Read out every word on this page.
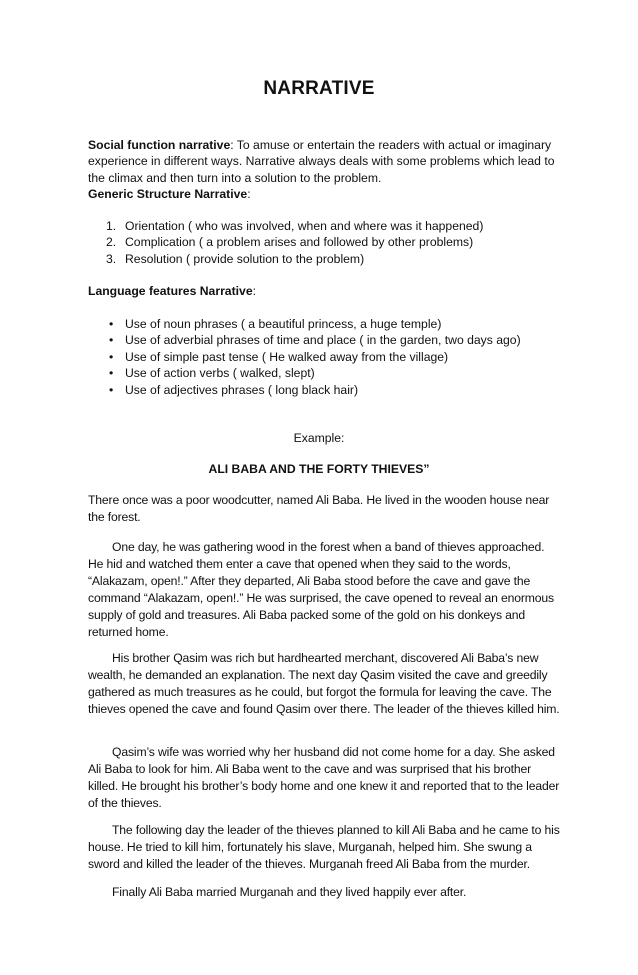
NARRATIVE
Social function narrative: To amuse or entertain the readers with actual or imaginary experience in different ways. Narrative always deals with some problems which lead to the climax and then turn into a solution to the problem.
Generic Structure Narrative:
1. Orientation ( who was involved, when and where was it happened)
2. Complication ( a problem arises and followed by other problems)
3. Resolution ( provide solution to the problem)
Language features Narrative:
• Use of noun phrases ( a beautiful princess, a huge temple)
• Use of adverbial phrases of time and place ( in the garden, two days ago)
• Use of simple past tense ( He walked away from the village)
• Use of action verbs ( walked, slept)
• Use of adjectives phrases ( long black hair)
Example:
ALI BABA AND THE FORTY THIEVES”
There once was a poor woodcutter, named Ali Baba. He lived in the wooden house near the forest.
One day, he was gathering wood in the forest when a band of thieves approached. He hid and watched them enter a cave that opened when they said to the words, “Alakazam, open!.” After they departed, Ali Baba stood before the cave and gave the command “Alakazam, open!.” He was surprised, the cave opened to reveal an enormous supply of gold and treasures. Ali Baba packed some of the gold on his donkeys and returned home.
His brother Qasim was rich but hardhearted merchant, discovered Ali Baba’s new wealth, he demanded an explanation. The next day Qasim visited the cave and greedily gathered as much treasures as he could, but forgot the formula for leaving the cave. The thieves opened the cave and found Qasim over there. The leader of the thieves killed him.
Qasim’s wife was worried why her husband did not come home for a day. She asked Ali Baba to look for him. Ali Baba went to the cave and was surprised that his brother killed. He brought his brother’s body home and one knew it and reported that to the leader of the thieves.
The following day the leader of the thieves planned to kill Ali Baba and he came to his house. He tried to kill him, fortunately his slave, Murganah, helped him. She swung a sword and killed the leader of the thieves. Murganah freed Ali Baba from the murder.
Finally Ali Baba married Murganah and they lived happily ever after.
